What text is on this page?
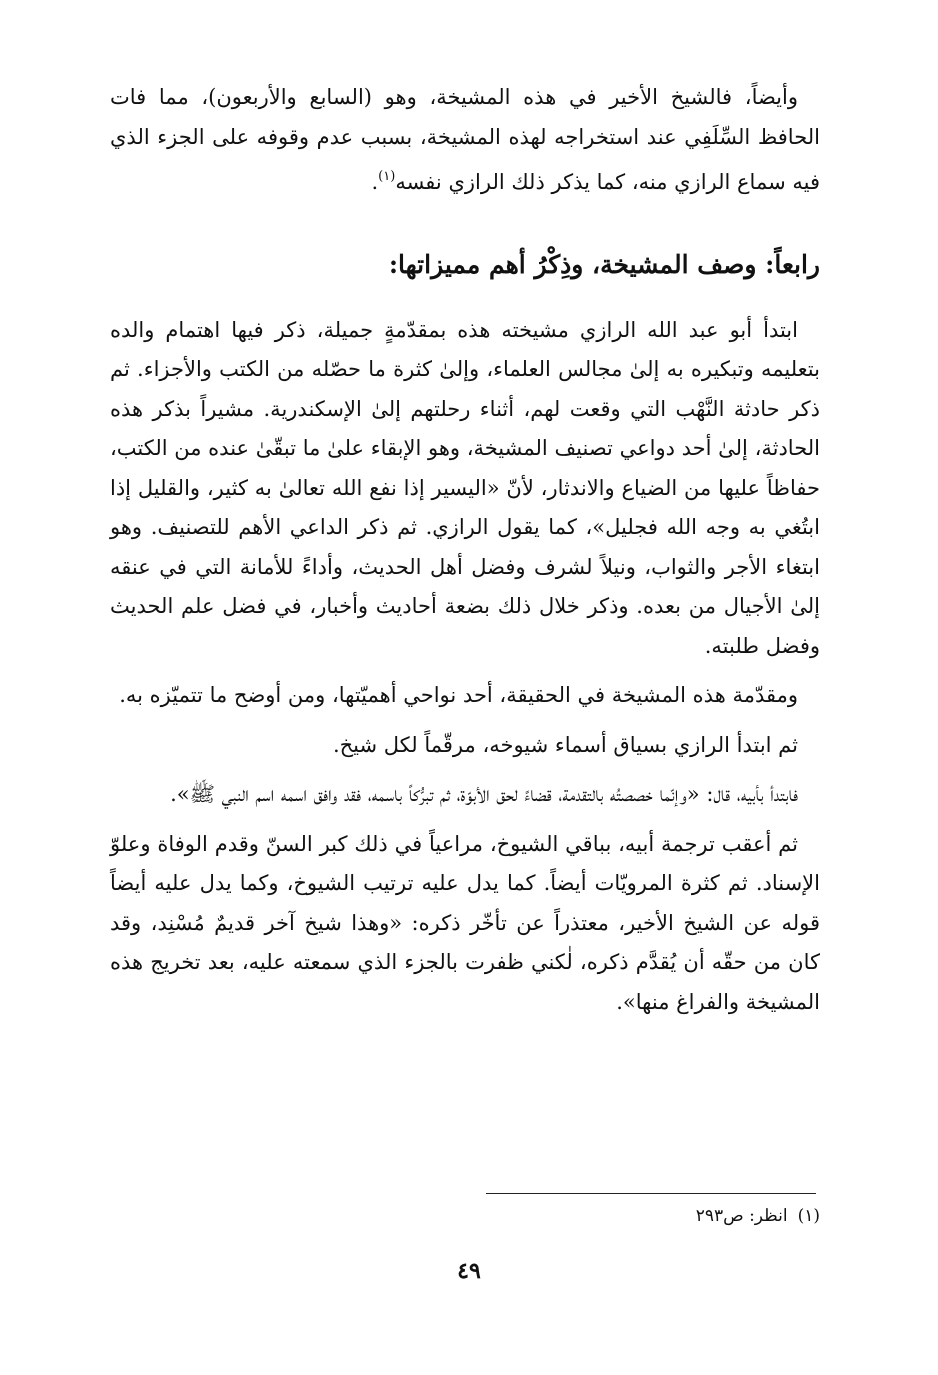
وأيضاً، فالشيخ الأخير في هذه المشيخة، وهو (السابع والأربعون)، مما فات الحافظ السِّلَفِي عند استخراجه لهذه المشيخة، بسبب عدم وقوفه على الجزء الذي فيه سماع الرازي منه، كما يذكر ذلك الرازي نفسه$^{(١)}$.

رابعاً: وصف المشيخة، وذِكْرُ أهم مميزاتها:

ابتدأ أبو عبد الله الرازي مشيخته هذه بمقدّمةٍ جميلة، ذكر فيها اهتمام والده بتعليمه وتبكيره به إلىٰ مجالس العلماء، وإلىٰ كثرة ما حصّله من الكتب والأجزاء. ثم ذكر حادثة النَّهْب التي وقعت لهم، أثناء رحلتهم إلىٰ الإسكندرية. مشيراً بذكر هذه الحادثة، إلىٰ أحد دواعي تصنيف المشيخة، وهو الإبقاء علىٰ ما تبقّىٰ عنده من الكتب، حفاظاً عليها من الضياع والاندثار، لأنّ «اليسير إذا نفع الله تعالىٰ به كثير، والقليل إذا ابتُغي به وجه الله فجليل»، كما يقول الرازي. ثم ذكر الداعي الأهم للتصنيف. وهو ابتغاء الأجر والثواب، ونيلاً لشرف وفضل أهل الحديث، وأداءً للأمانة التي في عنقه إلىٰ الأجيال من بعده. وذكر خلال ذلك بضعة أحاديث وأخبار، في فضل علم الحديث وفضل طلبته.

ومقدّمة هذه المشيخة في الحقيقة، أحد نواحي أهميّتها، ومن أوضح ما تتميّزه به.

ثم ابتدأ الرازي بسياق أسماء شيوخه، مرقّماً لكل شيخ.

فابتدأ بأبيه، قال: «وإنّما خصصتُه بالتقدمة، قضاءً لحق الأبوّة، ثم تبرُّكاً باسمه، فقد وافق اسمه اسم النبي ﷺ».

ثم أعقب ترجمة أبيه، بباقي الشيوخ، مراعياً في ذلك كبر السنّ وقدم الوفاة وعلوّ الإسناد. ثم كثرة المرويّات أيضاً. كما يدل عليه ترتيب الشيوخ، وكما يدل عليه أيضاً قوله عن الشيخ الأخير، معتذراً عن تأخّر ذكره: «وهذا شيخ آخر قديمٌ مُسْنِد، وقد كان من حقّه أن يُقدَّم ذكره، لٰكني ظفرت بالجزء الذي سمعته عليه، بعد تخريج هذه المشيخة والفراغ منها».

(١)انظر: ص٢٩٣
٤٩
